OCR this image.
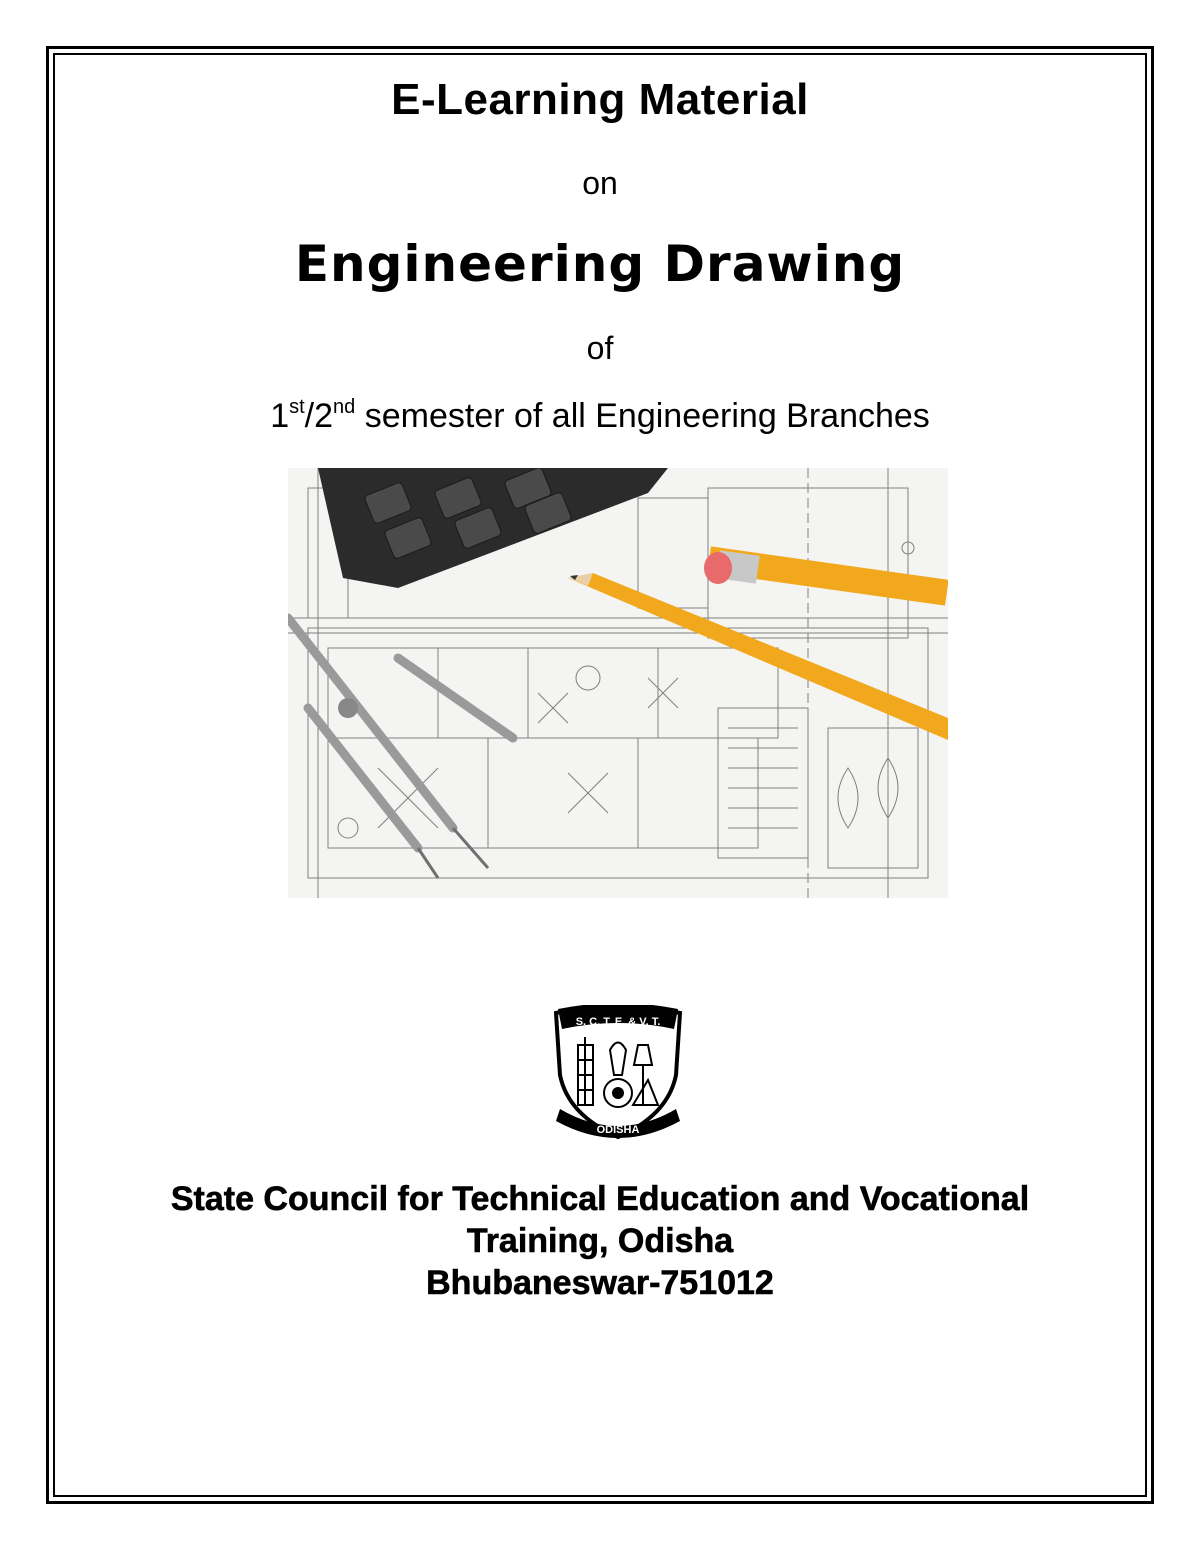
E-Learning Material
on
Engineering Drawing
of
1st/2nd semester of all Engineering Branches
S. C. T. E. & V. T.
ODISHA
State Council for Technical Education and Vocational
Training, Odisha
Bhubaneswar-751012
